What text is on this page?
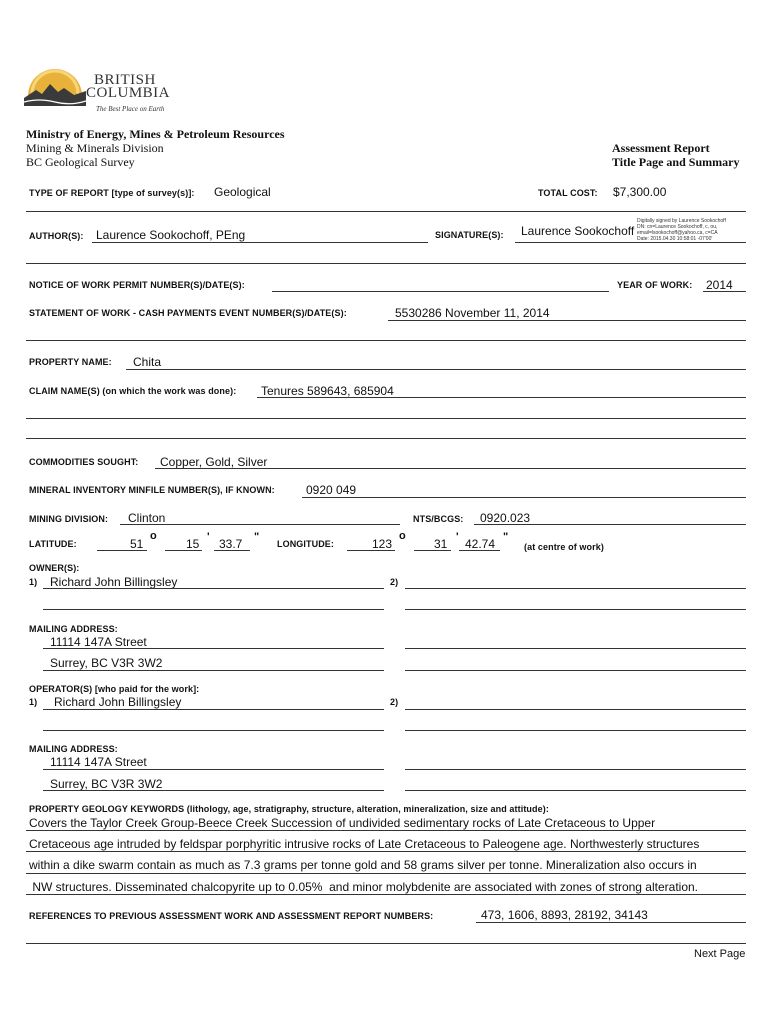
BRITISH
COLUMBIA
The Best Place on Earth
Ministry of Energy, Mines & Petroleum Resources
Mining & Minerals Division
BC Geological Survey
Assessment Report
Title Page and Summary
TYPE OF REPORT [type of survey(s)]: Geological	TOTAL COST: $7,300.00
AUTHOR(S): Laurence Sookochoff, PEng	SIGNATURE(S): Laurence Sookochoff
Digitally signed by Laurence Sookochoff
DN: cn=Laurence Sookochoff, c, ou,
email=lsookochoff@yahoo.ca, c=CA
Date: 2015.04.30 10:58:01 -07'00'
NOTICE OF WORK PERMIT NUMBER(S)/DATE(S):	YEAR OF WORK: 2014
STATEMENT OF WORK - CASH PAYMENTS EVENT NUMBER(S)/DATE(S):	5530286 November 11, 2014
PROPERTY NAME: Chita
CLAIM NAME(S) (on which the work was done): Tenures 589643, 685904
COMMODITIES SOUGHT: Copper, Gold, Silver
MINERAL INVENTORY MINFILE NUMBER(S), IF KNOWN:	0920 049
MINING DIVISION: Clinton	NTS/BCGS: 0920.023
LATITUDE:	51
o
15 ' 33.7 "
LONGITUDE:	123
o
31 ' 42.74 "
(at centre of work)
OWNER(S):
1) Richard John Billingsley	2)
MAILING ADDRESS:
11114 147A Street
Surrey, BC V3R 3W2
OPERATOR(S) [who paid for the work]:
1) Richard John Billingsley	2)
MAILING ADDRESS:
11114 147A Street
Surrey, BC V3R 3W2
PROPERTY GEOLOGY KEYWORDS (lithology, age, stratigraphy, structure, alteration, mineralization, size and attitude):
Covers the Taylor Creek Group-Beece Creek Succession of undivided sedimentary rocks of Late Cretaceous to Upper
Cretaceous age intruded by feldspar porphyritic intrusive rocks of Late Cretaceous to Paleogene age. Northwesterly structures
within a dike swarm contain as much as 7.3 grams per tonne gold and 58 grams silver per tonne. Mineralization also occurs in
NW structures. Disseminated chalcopyrite up to 0.05%  and minor molybdenite are associated with zones of strong alteration.
REFERENCES TO PREVIOUS ASSESSMENT WORK AND ASSESSMENT REPORT NUMBERS:	473, 1606, 8893, 28192, 34143
Next Page
